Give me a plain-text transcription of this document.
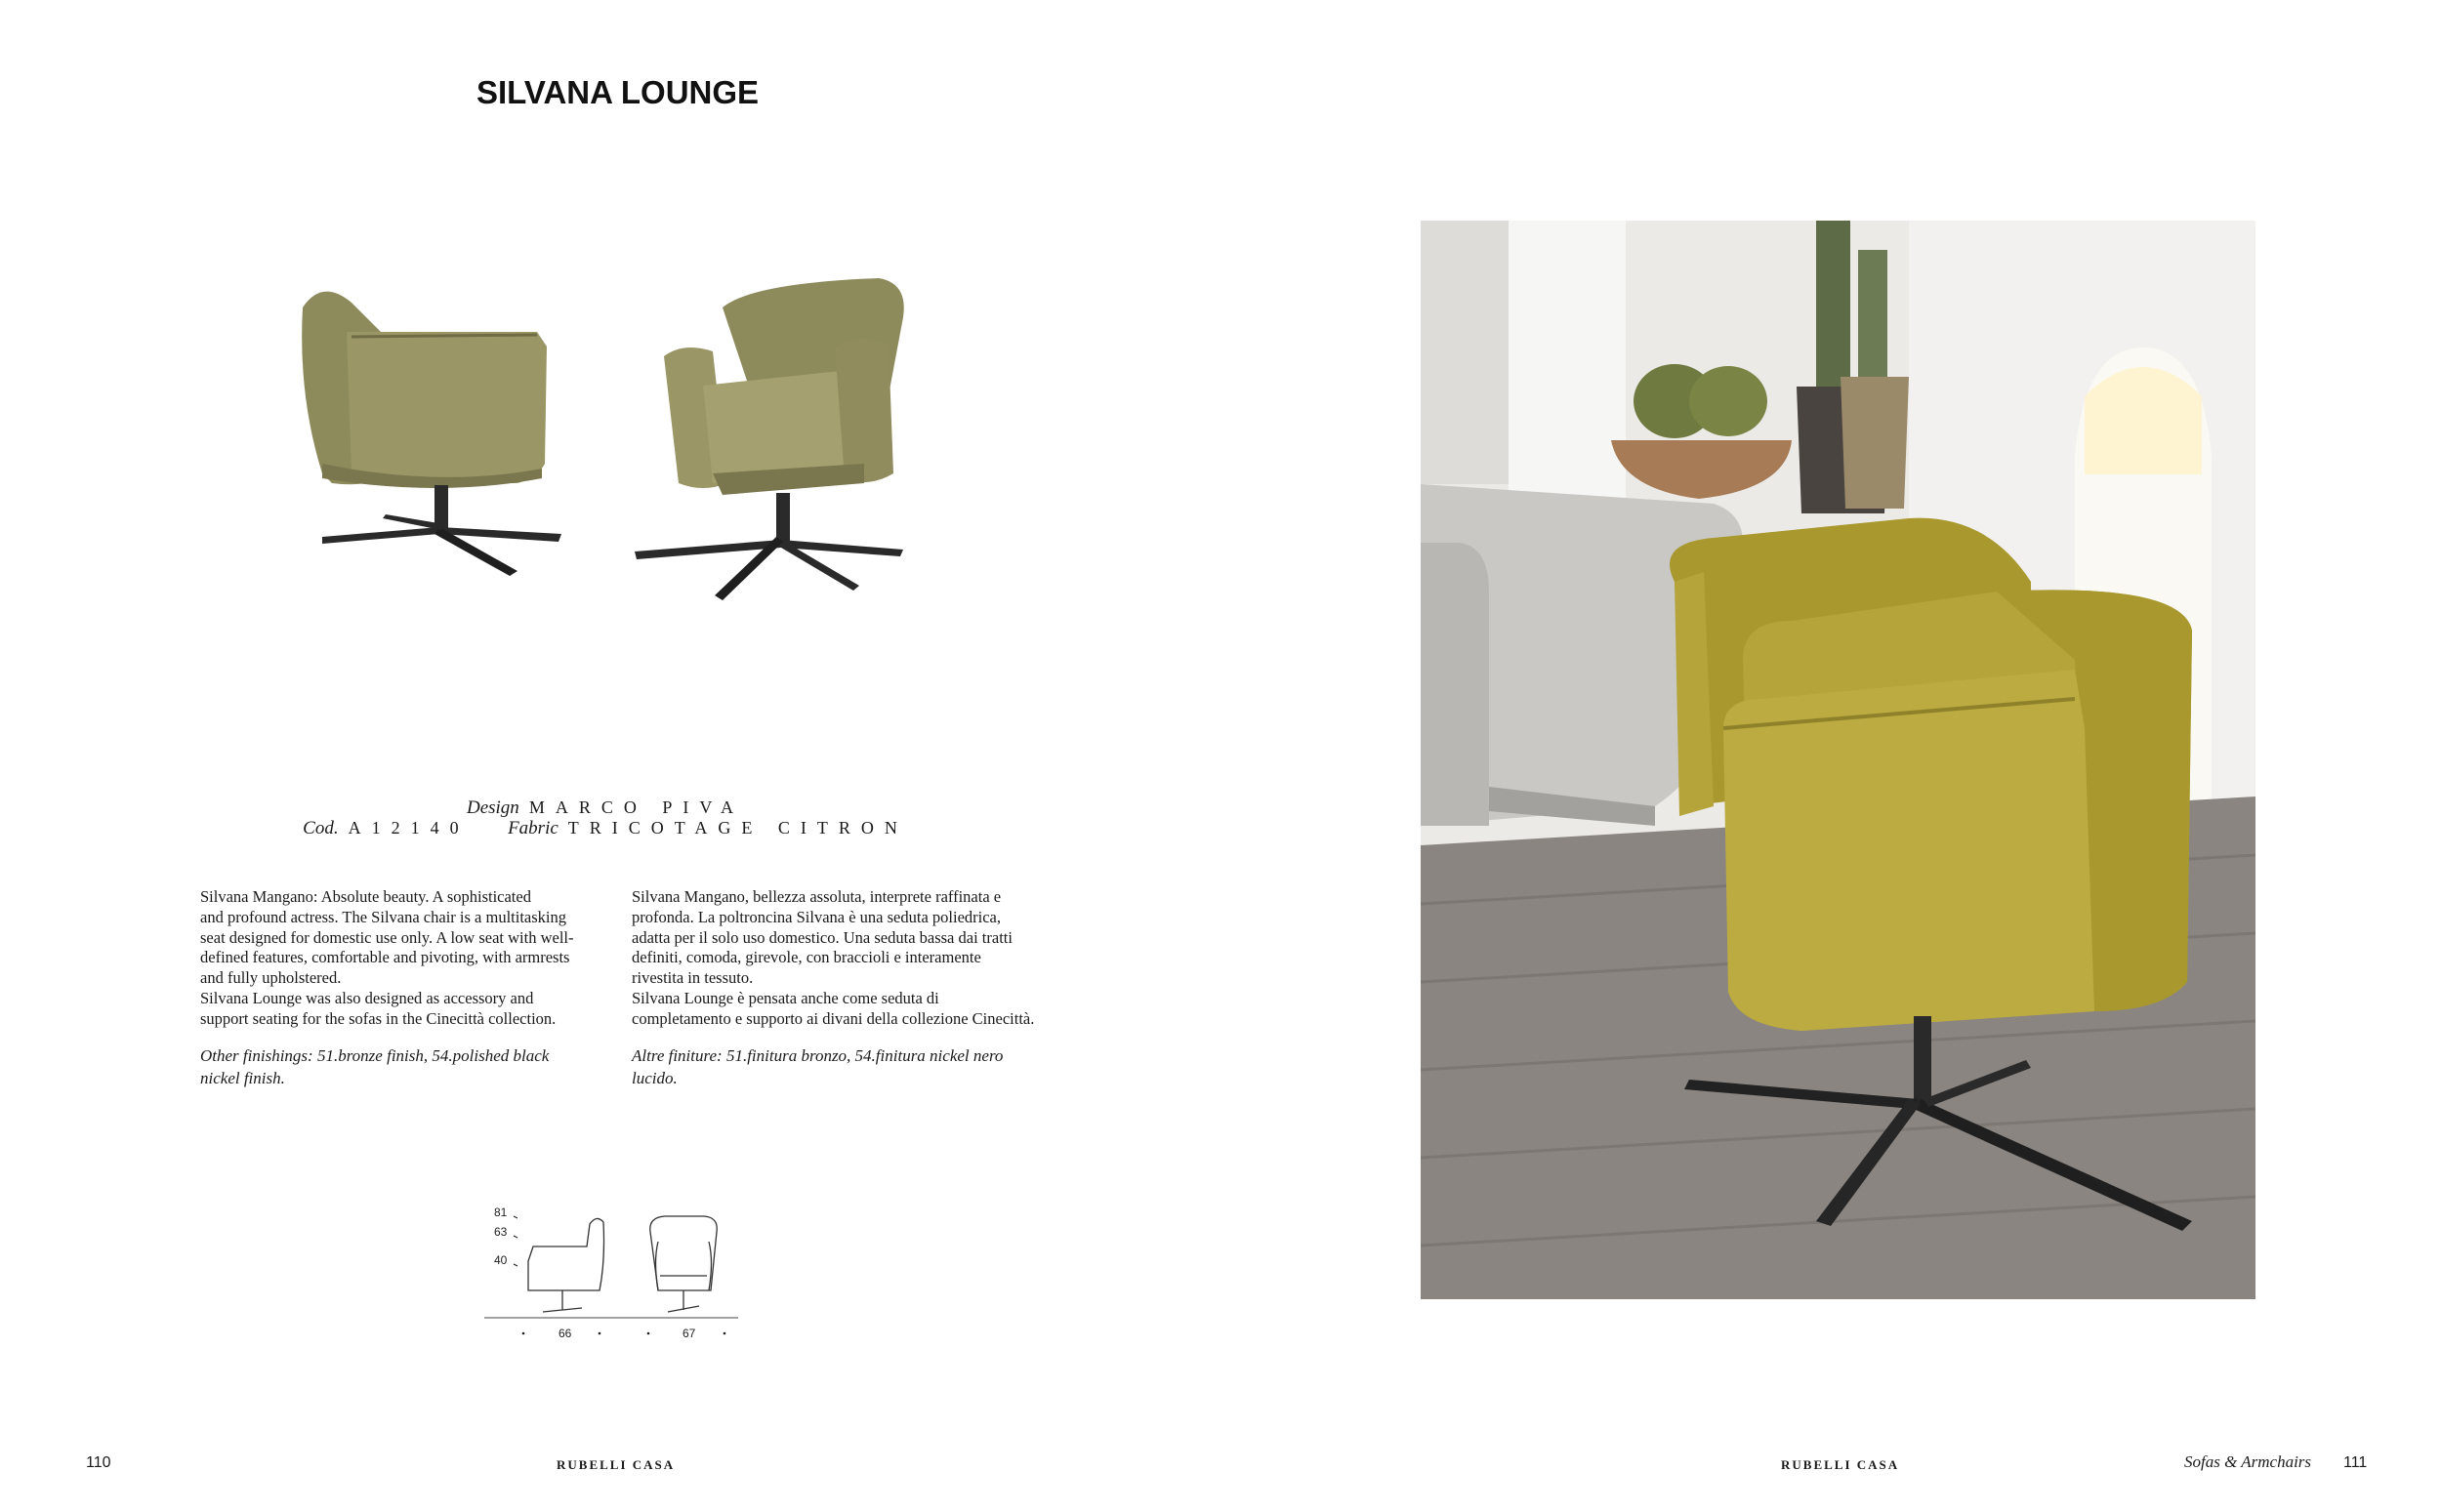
SILVANA LOUNGE
Design MARCO PIVA
Cod. A12140 Fabric TRICOTAGE CITRON

Silvana Mangano: Absolute beauty. A sophisticated

and profound actress. The Silvana chair is a multitasking

seat designed for domestic use only. A low seat with well-

defined features, comfortable and pivoting, with armrests

and fully upholstered.

Silvana Lounge was also designed as accessory and

support seating for the sofas in the Cinecittà collection.

Other finishings: 51.bronze finish, 54.polished black

nickel finish.

Silvana Mangano, bellezza assoluta, interprete raffinata e

profonda. La poltroncina Silvana è una seduta poliedrica,

adatta per il solo uso domestico. Una seduta bassa dai tratti

definiti, comoda, girevole, con braccioli e interamente

rivestita in tessuto.

Silvana Lounge è pensata anche come seduta di

completamento e supporto ai divani della collezione Cinecittà.

Altre finiture: 51.finitura bronzo, 54.finitura nickel nero

lucido.

81
63
40
66	67
110	RUBELLI CASA	RUBELLI CASA	Sofas & Armchairs 111
